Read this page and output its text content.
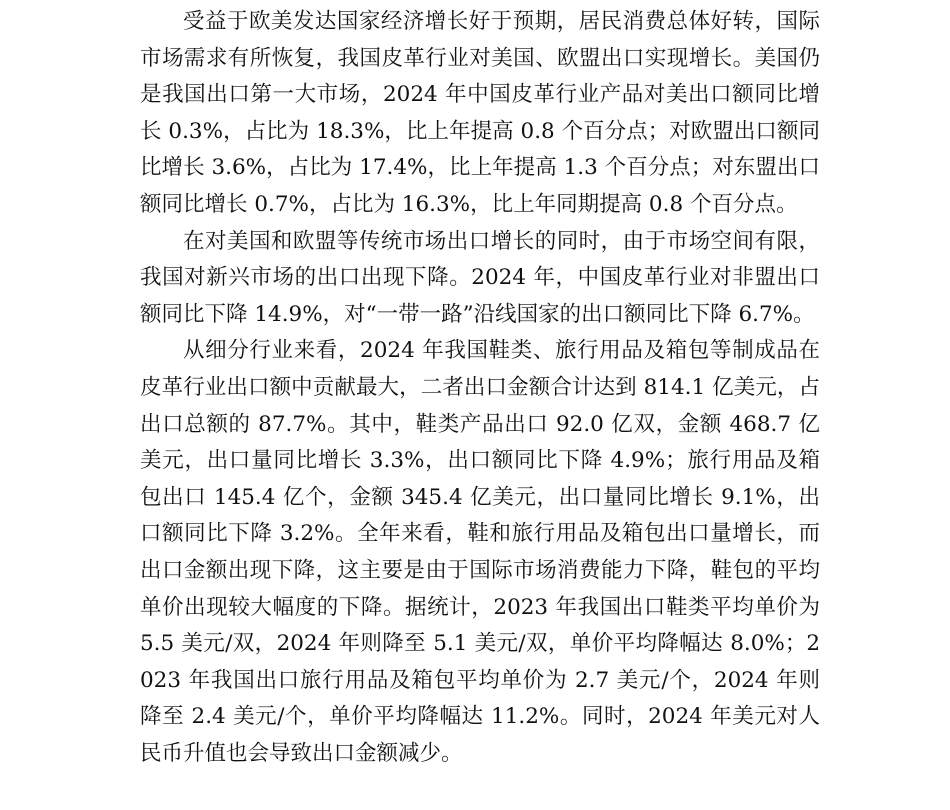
受益于欧美发达国家经济增长好于预期，居民消费总体好转，国际市场需求有所恢复，我国皮革行业对美国、欧盟出口实现增长。美国仍是我国出口第一大市场，2024 年中国皮革行业产品对美出口额同比增长 0.3%，占比为 18.3%，比上年提高 0.8 个百分点；对欧盟出口额同比增长 3.6%，占比为 17.4%，比上年提高 1.3 个百分点；对东盟出口额同比增长 0.7%，占比为 16.3%，比上年同期提高 0.8 个百分点。

在对美国和欧盟等传统市场出口增长的同时，由于市场空间有限，我国对新兴市场的出口出现下降。2024 年，中国皮革行业对非盟出口额同比下降 14.9%，对“一带一路”沿线国家的出口额同比下降 6.7%。

从细分行业来看，2024 年我国鞋类、旅行用品及箱包等制成品在皮革行业出口额中贡献最大，二者出口金额合计达到 814.1 亿美元，占出口总额的 87.7%。其中，鞋类产品出口 92.0 亿双，金额 468.7 亿美元，出口量同比增长 3.3%，出口额同比下降 4.9%；旅行用品及箱包出口 145.4 亿个，金额 345.4 亿美元，出口量同比增长 9.1%，出口额同比下降 3.2%。全年来看，鞋和旅行用品及箱包出口量增长，而出口金额出现下降，这主要是由于国际市场消费能力下降，鞋包的平均单价出现较大幅度的下降。据统计，2023 年我国出口鞋类平均单价为 5.5 美元/双，2024 年则降至 5.1 美元/双，单价平均降幅达 8.0%；2023 年我国出口旅行用品及箱包平均单价为 2.7 美元/个，2024 年则降至 2.4 美元/个，单价平均降幅达 11.2%。同时，2024 年美元对人民币升值也会导致出口金额减少。
